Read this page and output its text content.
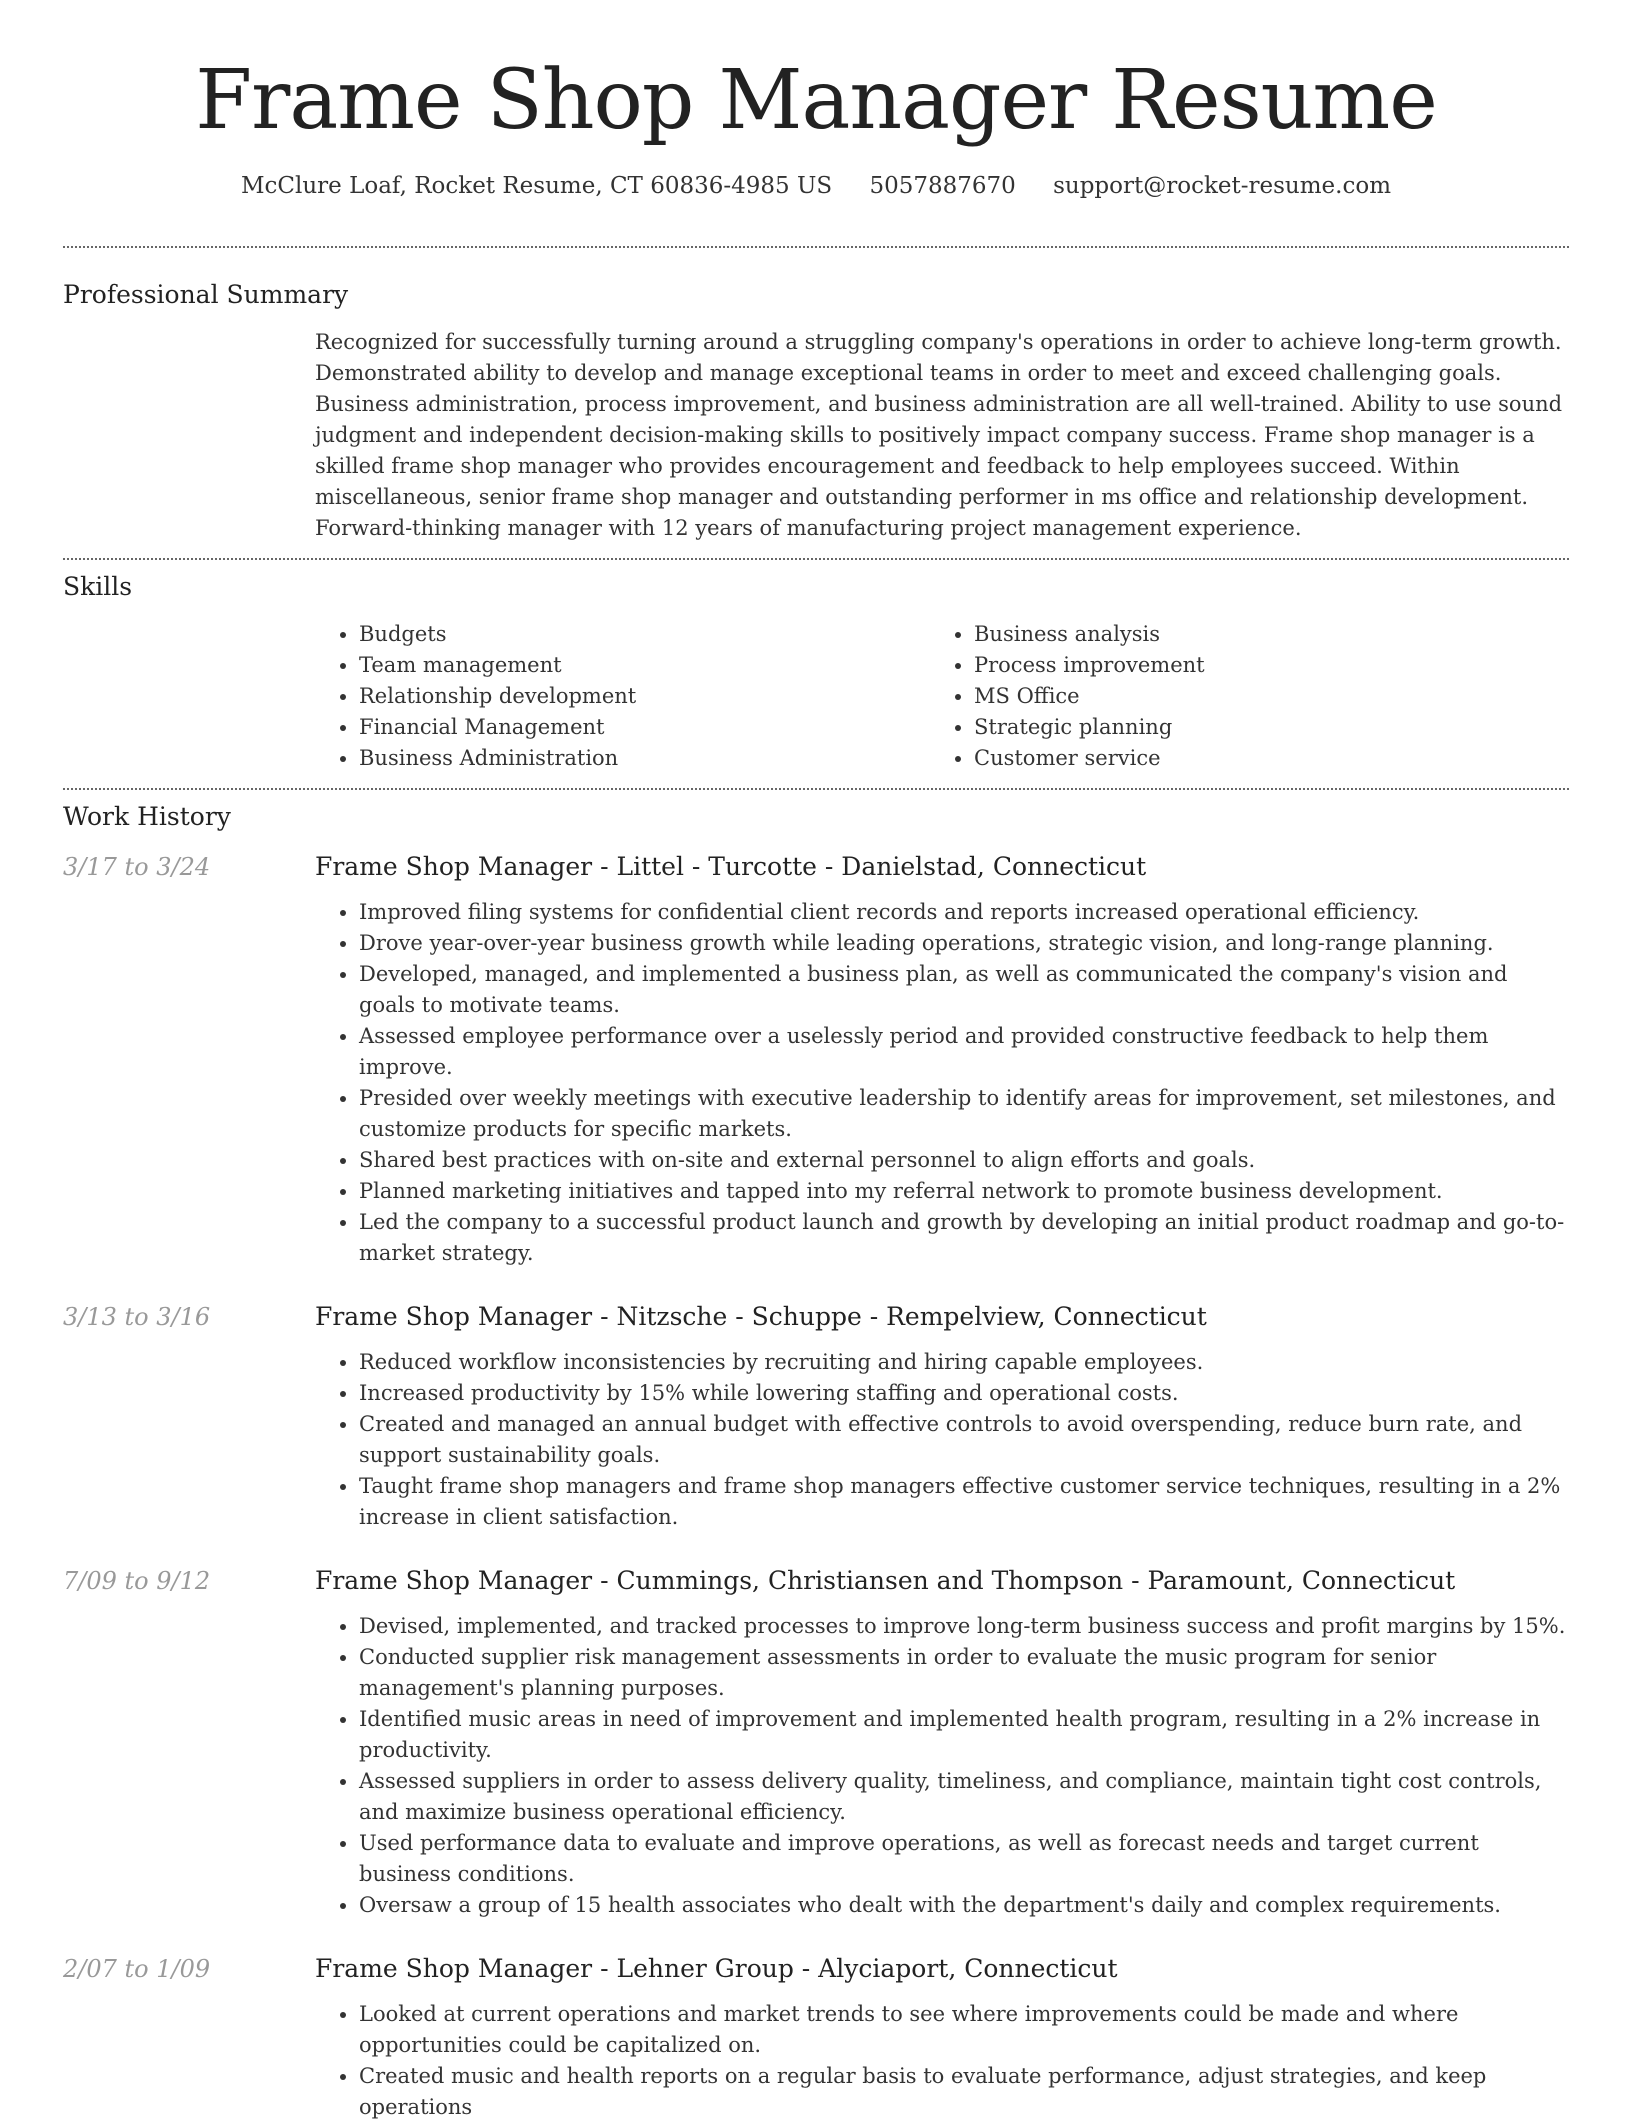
Frame Shop Manager Resume
McClure Loaf, Rocket Resume, CT 60836-4985 US 5057887670 support@rocket-resume.com
Professional Summary

Recognized for successfully turning around a struggling company's operations in order to achieve long-term growth. Demonstrated ability to develop and manage exceptional teams in order to meet and exceed challenging goals. Business administration, process improvement, and business administration are all well-trained. Ability to use sound judgment and independent decision-making skills to positively impact company success. Frame shop manager is a skilled frame shop manager who provides encouragement and feedback to help employees succeed. Within miscellaneous, senior frame shop manager and outstanding performer in ms office and relationship development. Forward-thinking manager with 12 years of manufacturing project management experience.

Skills
• Budgets
• Team management
• Relationship development
• Financial Management
• Business Administration
• Business analysis
• Process improvement
• MS Office
• Strategic planning
• Customer service
Work History
3/17 to 3/24	Frame Shop Manager - Littel - Turcotte - Danielstad, Connecticut
• Improved filing systems for confidential client records and reports increased operational efficiency.
• Drove year-over-year business growth while leading operations, strategic vision, and long-range planning.
• Developed, managed, and implemented a business plan, as well as communicated the company's vision and goals to motivate teams.
• Assessed employee performance over a uselessly period and provided constructive feedback to help them improve.
• Presided over weekly meetings with executive leadership to identify areas for improvement, set milestones, and customize products for specific markets.
• Shared best practices with on-site and external personnel to align efforts and goals.
• Planned marketing initiatives and tapped into my referral network to promote business development.
• Led the company to a successful product launch and growth by developing an initial product roadmap and go-to-market strategy.
3/13 to 3/16	Frame Shop Manager - Nitzsche - Schuppe - Rempelview, Connecticut
• Reduced workflow inconsistencies by recruiting and hiring capable employees.
• Increased productivity by 15% while lowering staffing and operational costs.
• Created and managed an annual budget with effective controls to avoid overspending, reduce burn rate, and support sustainability goals.
• Taught frame shop managers and frame shop managers effective customer service techniques, resulting in a 2% increase in client satisfaction.
7/09 to 9/12	Frame Shop Manager - Cummings, Christiansen and Thompson - Paramount, Connecticut
• Devised, implemented, and tracked processes to improve long-term business success and profit margins by 15%.
• Conducted supplier risk management assessments in order to evaluate the music program for senior management's planning purposes.
• Identified music areas in need of improvement and implemented health program, resulting in a 2% increase in productivity.
• Assessed suppliers in order to assess delivery quality, timeliness, and compliance, maintain tight cost controls, and maximize business operational efficiency.
• Used performance data to evaluate and improve operations, as well as forecast needs and target current business conditions.
• Oversaw a group of 15 health associates who dealt with the department's daily and complex requirements.
2/07 to 1/09	Frame Shop Manager - Lehner Group - Alyciaport, Connecticut
• Looked at current operations and market trends to see where improvements could be made and where opportunities could be capitalized on.
• Created music and health reports on a regular basis to evaluate performance, adjust strategies, and keep operations
